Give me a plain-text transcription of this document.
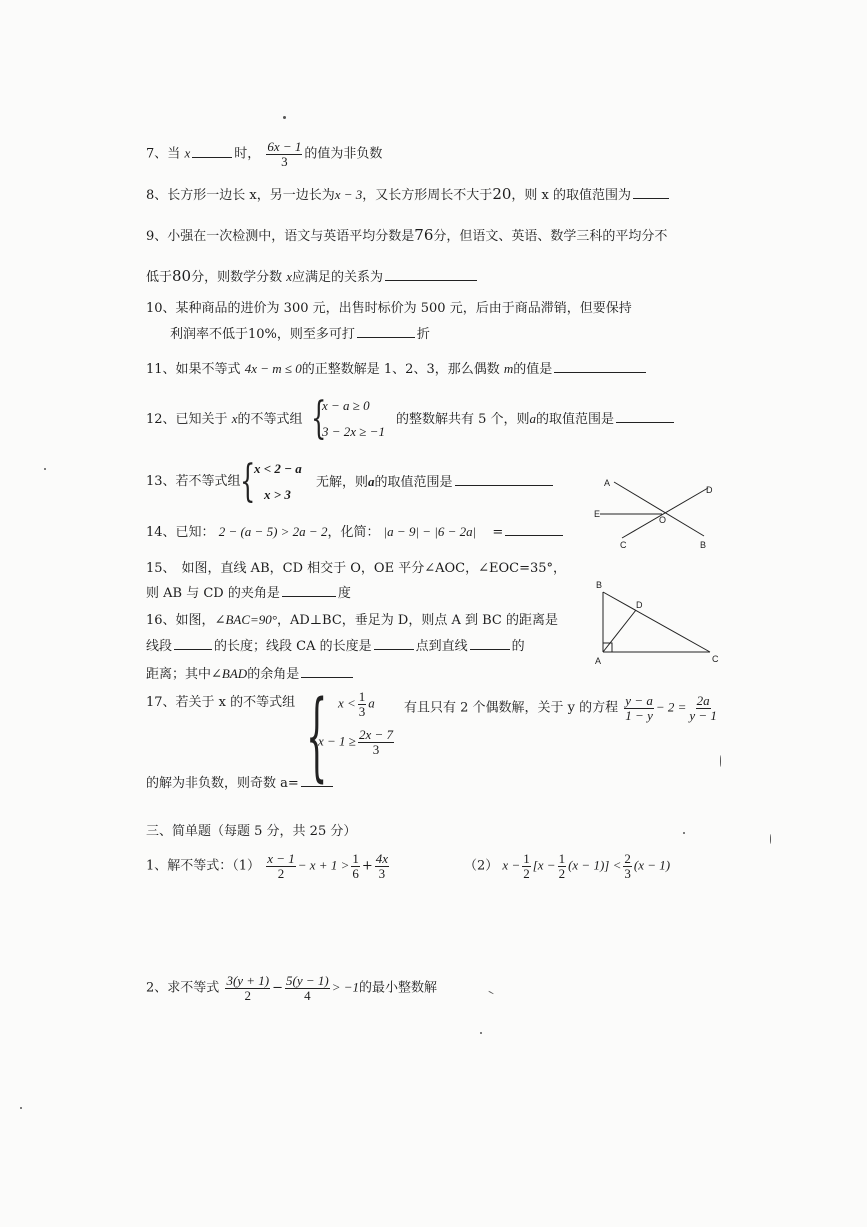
7、当 x	时， $\frac{6x - 1}{3}$ 的值为非负数
8、长方形一边长 x，另一边长为x − 3，又长方形周长不大于20，则 x 的取值范围为
9、小强在一次检测中，语文与英语平均分数是76分，但语文、英语、数学三科的平均分不
低于80分，则数学分数 x应满足的关系为
10、某种商品的进价为 300 元，出售时标价为 500 元，后由于商品滞销，但要保持
利润率不低于10%，则至多可打	折
11、如果不等式 4x − m ≤ 0的正整数解是 1、2、3，那么偶数 m的值是
12、已知关于 x的不等式组 {
x − a ≥ 0
3 − 2x ≥ −1
的整数解共有 5 个，则a的取值范围是
13、若不等式组 {
x < 2 − a
x > 3
无解，则a的取值范围是	A
D
E
O
C	B
14、已知： 2 − (a − 5) > 2a − 2，化简： |a − 9| − |6 − 2a| =
15、 如图，直线 AB，CD 相交于 O，OE 平分∠AOC，∠EOC=35°，
则 AB 与 CD 的夹角是	度
B
D
A	C
16、如图，∠BAC=90°，AD⊥BC，垂足为 D，则点 A 到 BC 的距离是
线段	的长度；线段 CA 的长度是	点到直线	的
距离；其中∠BAD的余角是
17、若关于 x 的不等式组 { $x < \frac{1}{3}$ a
$x - 1 \ge \frac{2x - 7}{3}$
有且只有 2 个偶数解，关于 y 的方程 $\frac{y - a}{1 - y} - 2 = \frac{2a}{y - 1}$
的解为非负数，则奇数 a=
三、简单题（每题 5 分，共 25 分）
1、解不等式：$(1) \frac{x - 1}{2} - x + 1 > \frac{1}{6} + \frac{4x}{3}$	（2） $x - \frac{1}{2} [x - \frac{1}{2} (x - 1)] < \frac{2}{3} (x - 1)$
2、求不等式 $\frac{3(y + 1)}{2} - \frac{5(y - 1)}{4} > -1$的最小整数解
